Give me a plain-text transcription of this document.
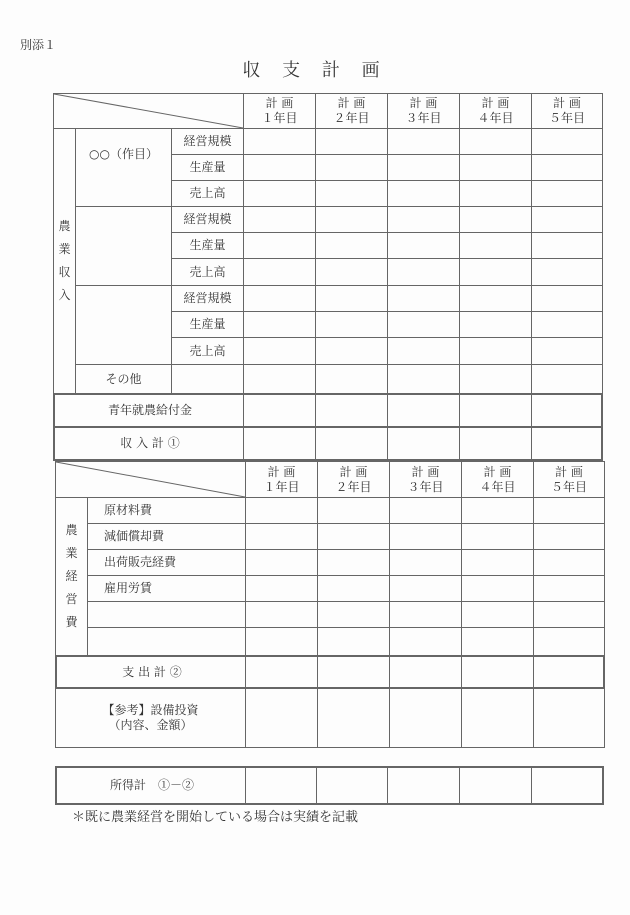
別添１
収 支 計 画
計 画
１年目
計 画
２年目
計 画
３年目
計 画
４年目
計 画
５年目
農
業
収
入
○○（作目）
その他
経営規模
生産量
売上高
経営規模
生産量
売上高
経営規模
生産量
売上高
青年就農給付金
収 入 計 ①
計 画
１年目
計 画
２年目
計 画
３年目
計 画
４年目
計 画
５年目
農
業
経
営
費
原材料費
減価償却費
出荷販売経費
雇用労賃
支 出 計 ②
【参考】設備投資
（内容、金額）
所得計　①－②
＊既に農業経営を開始している場合は実績を記載
